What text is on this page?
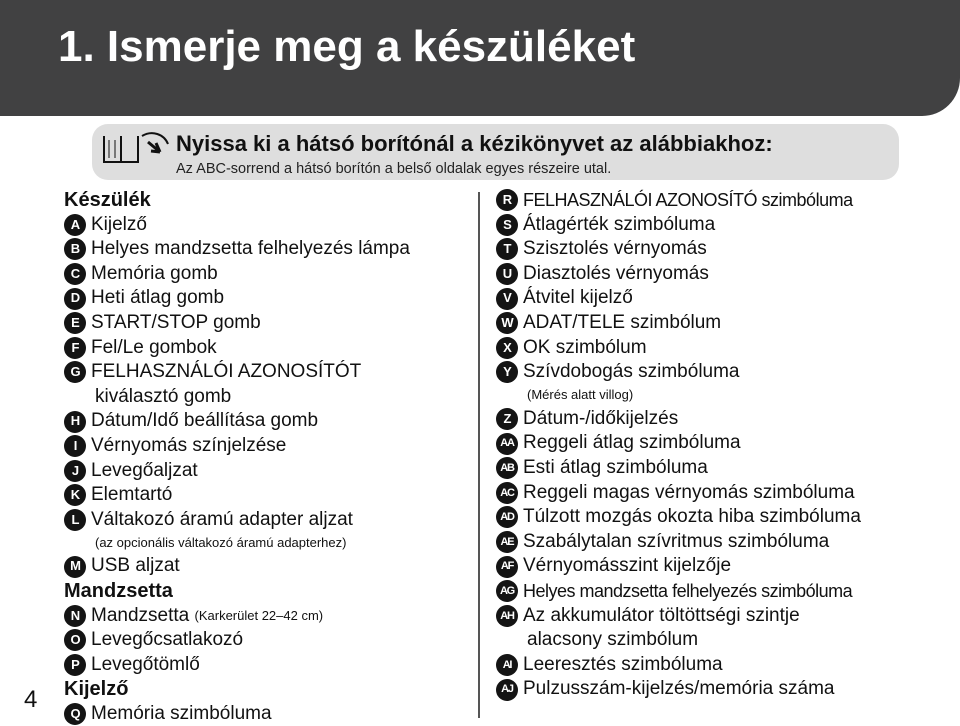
1. Ismerje meg a készüléket
Nyissa ki a hátsó borítónál a kézikönyvet az alábbiakhoz:
Az ABC-sorrend a hátsó borítón a belső oldalak egyes részeire utal.
Készülék
A Kijelző
B Helyes mandzsetta felhelyezés lámpa
C Memória gomb
D Heti átlag gomb
E START/STOP gomb
F Fel/Le gombok
G FELHASZNÁLÓI AZONOSÍTÓT
kiválasztó gomb
H Dátum/Idő beállítása gomb
I Vérnyomás színjelzése
J Levegőaljzat
K Elemtartó
L Váltakozó áramú adapter aljzat
(az opcionális váltakozó áramú adapterhez)
M USB aljzat
Mandzsetta
N Mandzsetta
(Karkerület 22–42 cm)
O Levegőcsatlakozó
P Levegőtömlő
Kijelző
Q Memória szimbóluma
R FELHASZNÁLÓI AZONOSÍTÓ szimbóluma
S Átlagérték szimbóluma
T Szisztolés vérnyomás
U Diasztolés vérnyomás
V Átvitel kijelző
W ADAT/TELE szimbólum
X OK szimbólum
Y Szívdobogás szimbóluma
(Mérés alatt villog)
Z Dátum-/időkijelzés
AA Reggeli átlag szimbóluma
AB Esti átlag szimbóluma
AC Reggeli magas vérnyomás szimbóluma
AD Túlzott mozgás okozta hiba szimbóluma
AE Szabálytalan szívritmus szimbóluma
AF Vérnyomásszint kijelzője
AG Helyes mandzsetta felhelyezés szimbóluma
AH Az akkumulátor töltöttségi szintje
alacsony szimbólum
AI Leeresztés szimbóluma
AJ Pulzusszám-kijelzés/memória száma
4
